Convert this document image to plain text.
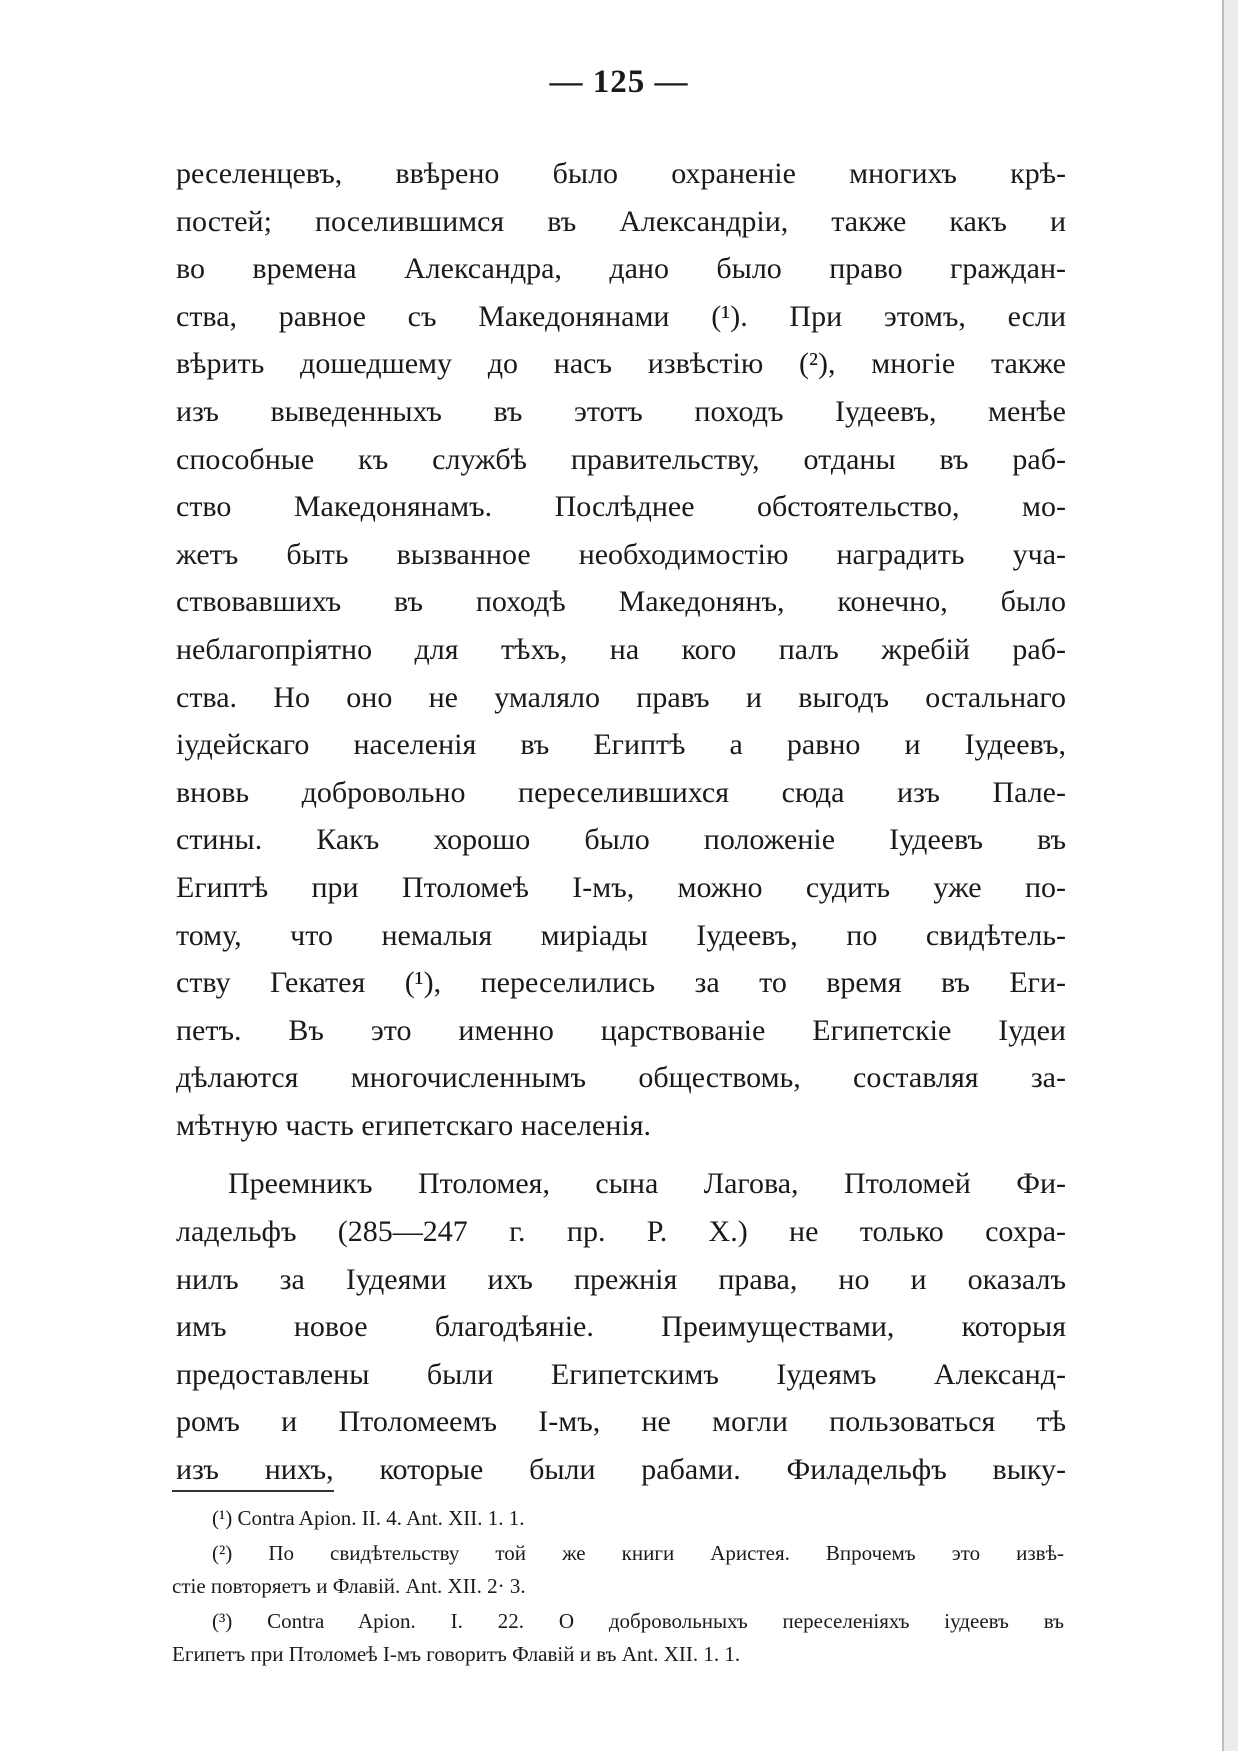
— 125 —
реселенцевъ, ввѣрено было охраненіе многихъ крѣ-
постей; поселившимся въ Александріи, также какъ и
во времена Александра, дано было право граждан-
ства, равное съ Македонянами (¹). При этомъ, если
вѣрить дошедшему до насъ извѣстію (²), многіе также
изъ выведенныхъ въ этотъ походъ Іудеевъ, менѣе
способные къ службѣ правительству, отданы въ раб-
ство Македонянамъ. Послѣднее обстоятельство, мо-
жетъ быть вызванное необходимостію наградить уча-
ствовавшихъ въ походѣ Македонянъ, конечно, было
неблагопріятно для тѣхъ, на кого палъ жребій раб-
ства. Но оно не умаляло правъ и выгодъ остальнаго
іудейскаго населенія въ Египтѣ а равно и Іудеевъ,
вновь добровольно переселившихся сюда изъ Пале-
стины. Какъ хорошо было положеніе Іудеевъ въ
Египтѣ при Птоломеѣ І-мъ, можно судить уже по-
тому, что немалыя миріады Іудеевъ, по свидѣтель-
ству Гекатея (¹), переселились за то время въ Еги-
петъ. Въ это именно царствованіе Египетскіе Іудеи
дѣлаются многочисленнымъ обществомь, составляя за-
мѣтную часть египетскаго населенія.
Преемникъ Птоломея, сына Лагова, Птоломей Фи-
ладельфъ (285—247 г. пр. Р. Х.) не только сохра-
нилъ за Іудеями ихъ прежнія права, но и оказалъ
имъ новое благодѣяніе. Преимуществами, которыя
предоставлены были Египетскимъ Іудеямъ Александ-
ромъ и Птоломеемъ І-мъ, не могли пользоваться тѣ
изъ нихъ, которые были рабами. Филадельфъ выку-
(¹) Contra Apion. II. 4. Ant. XII. 1. 1.
(²) По свидѣтельству той же книги Аристея. Впрочемъ это извѣ-
стіе повторяетъ и Флавій. Ant. XII. 2· 3.
(³) Contra Apion. I. 22. О добровольныхъ переселеніяхъ іудеевъ въ
Египетъ при Птоломеѣ І-мъ говоритъ Флавій и въ Ant. XII. 1. 1.
